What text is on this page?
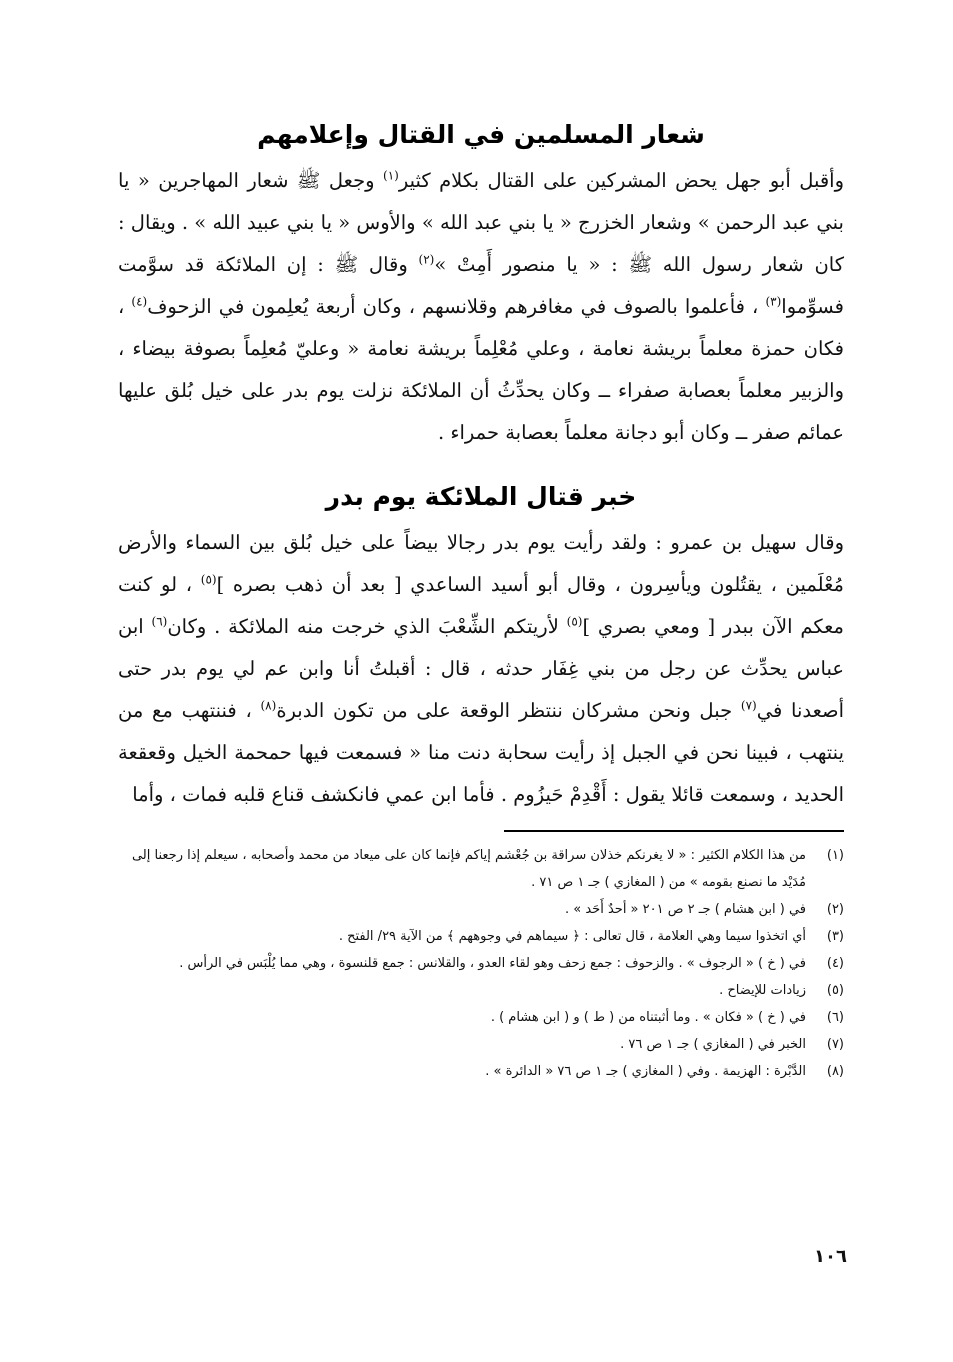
شعار المسلمين في القتال وإعلامهم

وأقبل أبو جهل يحض المشركين على القتال بكلام كثير$^{(١)}$ وجعل ﷺ شعار المهاجرين « يا بني عبد الرحمن » وشعار الخزرج « يا بني عبد الله » والأوس « يا بني عبيد الله » . ويقال : كان شعار رسول الله ﷺ : « يا منصور أَمِتْ »$^{(٢)}$ وقال ﷺ : إن الملائكة قد سوَّمت فسوِّموا$^{(٣)}$ ، فأعلموا بالصوف في مغافرهم وقلانسهم ، وكان أربعة يُعلِمون في الزحوف$^{(٤)}$ ، فكان حمزة معلماً بريشة نعامة ، وعلي مُعْلِماً بريشة نعامة « وعليّ مُعلِماً بصوفة بيضاء ، والزبير معلماً بعصابة صفراء ــ وكان يحدِّثُ أن الملائكة نزلت يوم بدر على خيل بُلق عليها عمائم صفر ــ وكان أبو دجانة معلماً بعصابة حمراء .

خبر قتال الملائكة يوم بدر

وقال سهيل بن عمرو : ولقد رأيت يوم بدر رجالا بيضاً على خيل بُلق بين السماء والأرض مُعْلَمين ، يقتُلون ويأسِرون ، وقال أبو أسيد الساعدي [ بعد أن ذهب بصره ]$^{(٥)}$ ، لو كنت معكم الآن ببدر [ ومعي بصري ]$^{(٥)}$ لأريتكم الشِّعْبَ الذي خرجت منه الملائكة . وكان$^{(٦)}$ ابن عباس يحدِّث عن رجل من بني غِفَار حدثه ، قال : أقبلتُ أنا وابن عم لي يوم بدر حتى أصعدنا في$^{(٧)}$ جبل ونحن مشركان ننتظر الوقعة على من تكون الدبرة$^{(٨)}$ ، فننتهب مع من ينتهب ، فبينا نحن في الجبل إذ رأيت سحابة دنت منا « فسمعت فيها حمحمة الخيل وقعقعة الحديد ، وسمعت قائلا يقول : أَقْدِمْ حَيزُوم . فأما ابن عمي فانكشف قناع قلبه فمات ، وأما

(١)
من هذا الكلام الكثير : « لا يغرنكم خذلان سراقة بن جُعْشم إياكم فإنما كان على ميعاد من محمد وأصحابه ، سيعلم إذا رجعنا إلى مُدَيْد ما نصنع بقومه » من ( المغازي ) جـ ١ ص ٧١ .
(٢)
في ( ابن هشام ) جـ ٢ ص ٢٠١ « أحدٌ أَحَد » .
(٣)
أي اتخذوا سيما وهي العلامة ، قال تعالى : ﴿ سيماهم في وجوههم ﴾ من الآية ٢٩/ الفتح .
(٤)
في ( خ ) « الرجوف » . والزحوف : جمع زحف وهو لقاء العدو ، والقلانس : جمع قلنسوة ، وهي مما يُلْبَس في الرأس .
(٥)
زيادات للإيضاح .
(٦)
في ( خ ) « فكان » . وما أثبتناه من ( ط ) و ( ابن هشام ) .
(٧)
الخبر في ( المغازي ) جـ ١ ص ٧٦ .
(٨)
الدَّبْرة : الهزيمة . وفي ( المغازي ) جـ ١ ص ٧٦ « الدائرة » .
١٠٦
